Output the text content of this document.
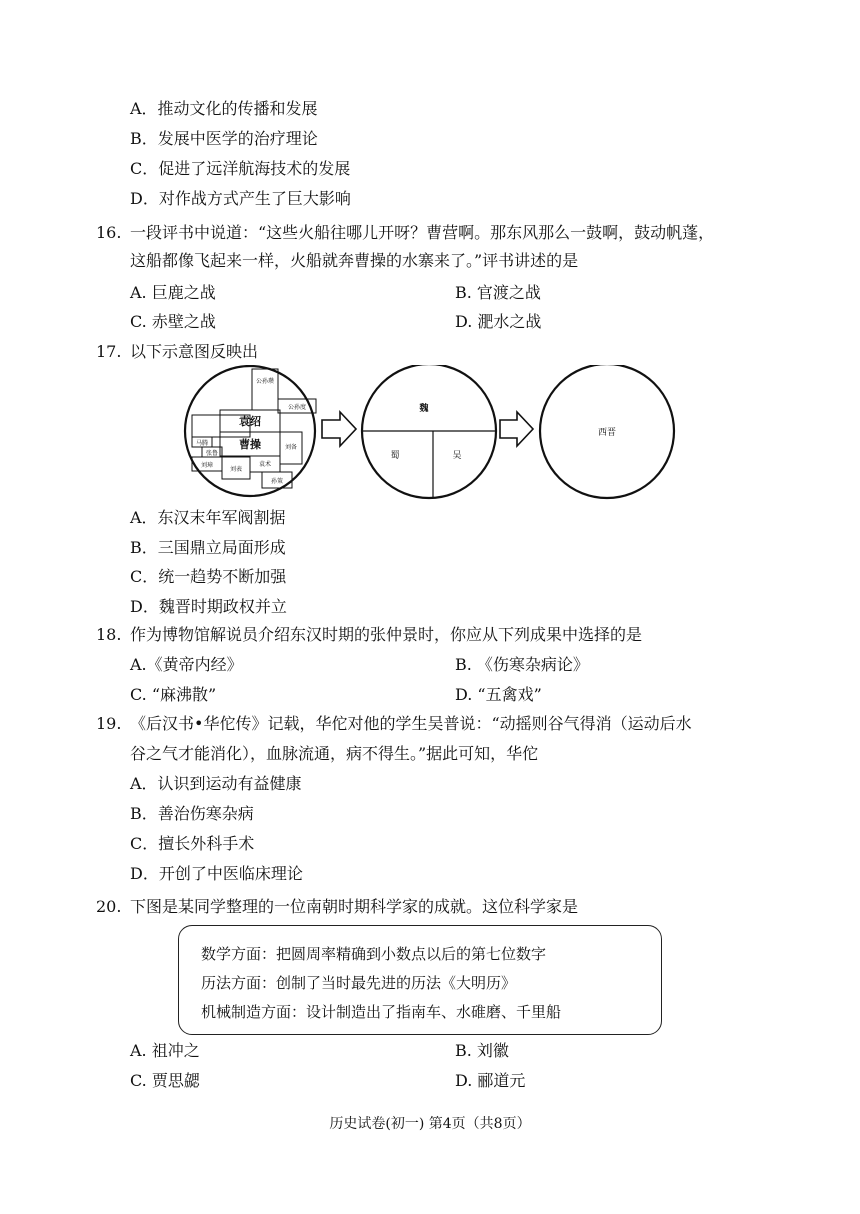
A．推动文化的传播和发展
B．发展中医学的治疗理论
C．促进了远洋航海技术的发展
D．对作战方式产生了巨大影响
16. 一段评书中说道：“这些火船往哪儿开呀？曹营啊。那东风那么一鼓啊，鼓动帆蓬，
这船都像飞起来一样，火船就奔曹操的水寨来了。”评书讲述的是
A. 巨鹿之战	B. 官渡之战
C. 赤壁之战	D. 淝水之战
17. 以下示意图反映出
袁绍
曹操
公孙瓒
公孙度
马腾
张鲁
刘备
刘璋
刘表
袁术
孙策
魏
蜀	吴
西晋
A．东汉末年军阀割据
B．三国鼎立局面形成
C．统一趋势不断加强
D．魏晋时期政权并立
18. 作为博物馆解说员介绍东汉时期的张仲景时，你应从下列成果中选择的是
A.《黄帝内经》	B. 《伤寒杂病论》
C. “麻沸散”	D. “五禽戏”
19. 《后汉书•华佗传》记载，华佗对他的学生吴普说：“动摇则谷气得消（运动后水
谷之气才能消化），血脉流通，病不得生。”据此可知，华佗
A．认识到运动有益健康
B．善治伤寒杂病
C．擅长外科手术
D．开创了中医临床理论
20. 下图是某同学整理的一位南朝时期科学家的成就。这位科学家是
数学方面：把圆周率精确到小数点以后的第七位数字
历法方面：创制了当时最先进的历法《大明历》
机械制造方面：设计制造出了指南车、水碓磨、千里船
A. 祖冲之	B. 刘徽
C. 贾思勰	D. 郦道元
历史试卷(初一) 第4页（共8页）
